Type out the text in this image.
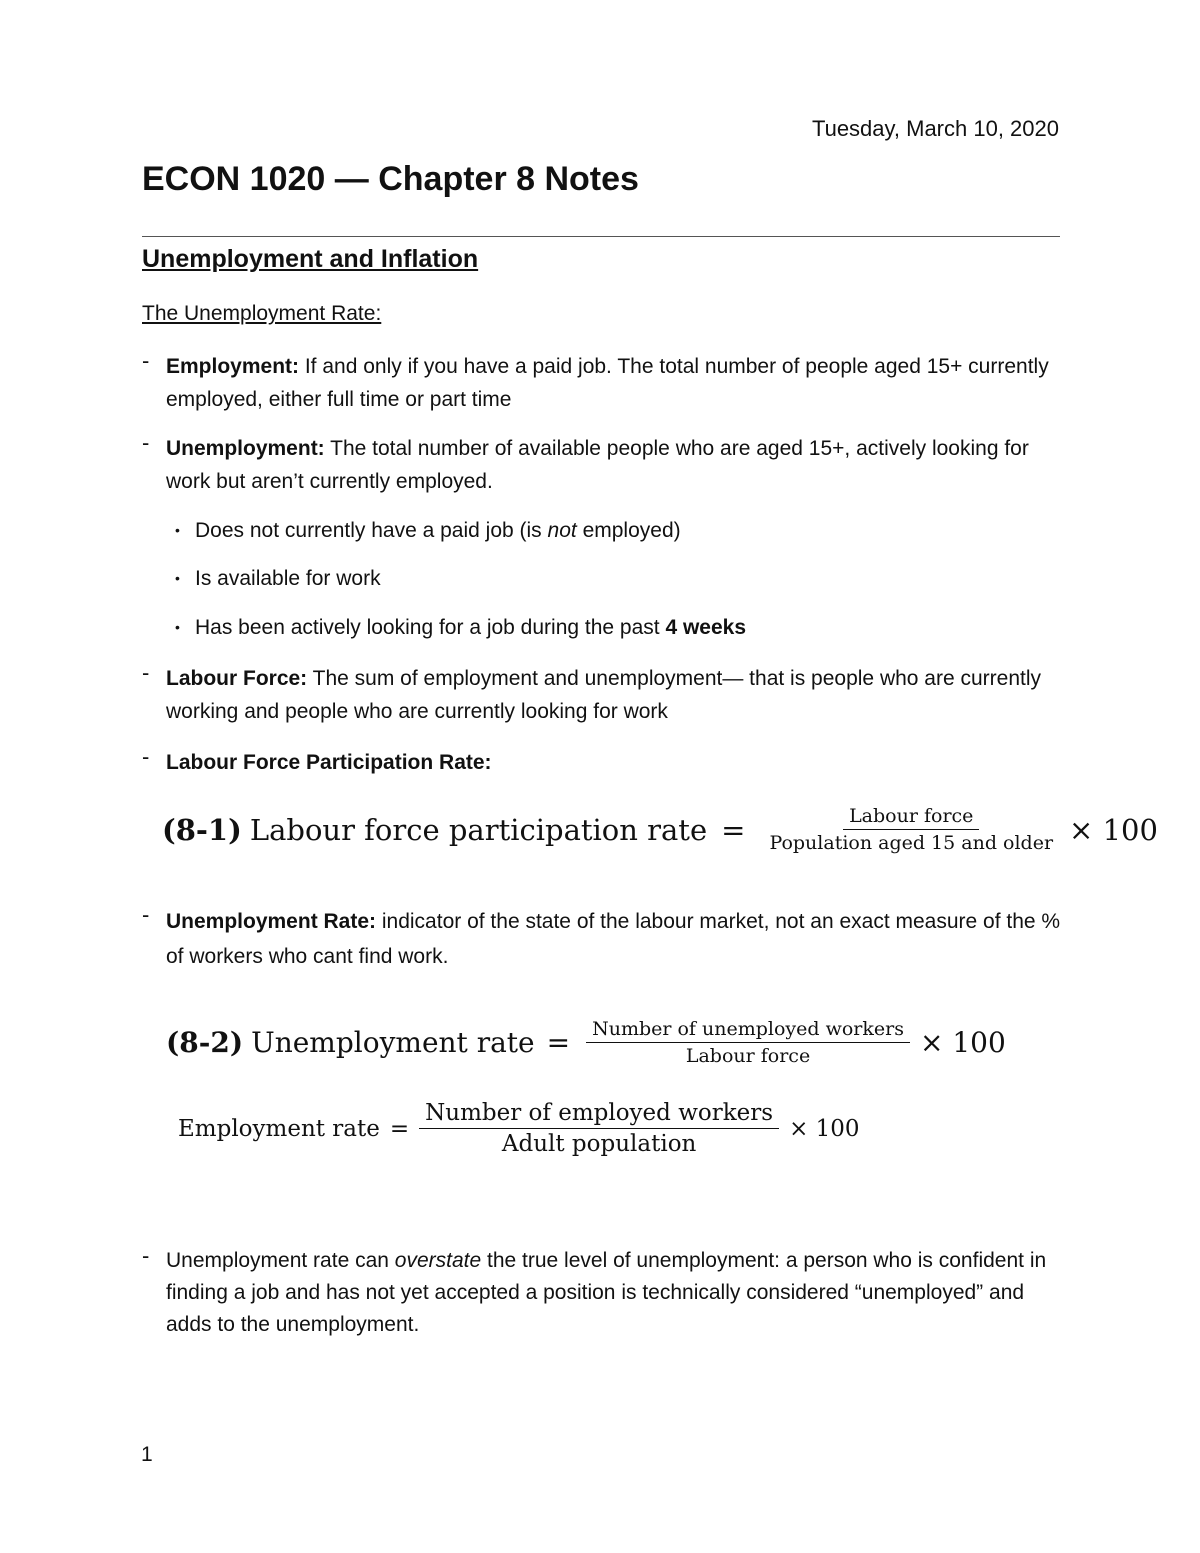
Tuesday, March 10, 2020
ECON 1020 — Chapter 8 Notes
Unemployment and Inflation
The Unemployment Rate:
- Employment: If and only if you have a paid job. The total number of people aged 15+ currently employed, either full time or part time
- Unemployment: The total number of available people who are aged 15+, actively looking for work but aren’t currently employed.
• Does not currently have a paid job (is not employed)
• Is available for work
• Has been actively looking for a job during the past 4 weeks
- Labour Force: The sum of employment and unemployment— that is people who are currently working and people who are currently looking for work
- Labour Force Participation Rate:
(8-1) Labour force participation rate = $\frac{\text{Labour force}}{\text{Population aged 15 and older}} \times 100$
- Unemployment Rate: indicator of the state of the labour market, not an exact measure of the % of workers who cant find work.
(8-2) Unemployment rate = $\frac{\text{Number of unemployed workers}}{\text{Labour force}} \times 100$
Employment rate = $\frac{\text{Number of employed workers}}{\text{Adult population}} \times 100$
- Unemployment rate can overstate the true level of unemployment: a person who is confident in finding a job and has not yet accepted a position is technically considered “unemployed” and adds to the unemployment.
1
